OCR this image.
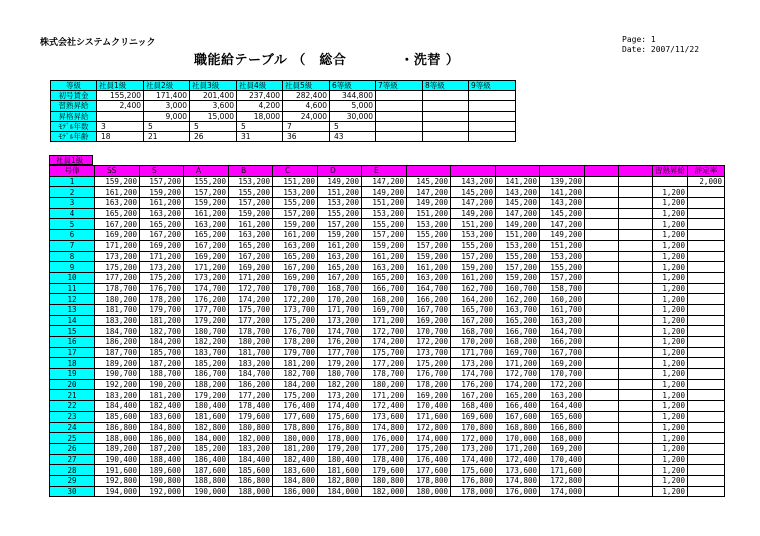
株式会社システムクリニック	Page: 1
Date: 2007/11/22
職能給テーブル （　総合　　　　・洗替 ）
等級	社員1級	社員2級	社員3級	社員4級	社員5級	6等級	7等級	8等級	9等級
初号賃金	155,200	171,400	201,400	237,400	282,400	344,800			
習熟昇給	2,400	3,000	3,600	4,200	4,600	5,000			
昇格昇給		9,000	15,000	18,000	24,000	30,000			
ﾓﾃﾞﾙ年数	3	5	5	5	7	5			
ﾓﾃﾞﾙ年齢	18	21	26	31	36	43			
社員1級
号俸	SS	S	A	B	C	D	E							習熟昇給	評定率
1	159,200	157,200	155,200	153,200	151,200	149,200	147,200	145,200	143,200	141,200	139,200				2,000
2	161,200	159,200	157,200	155,200	153,200	151,200	149,200	147,200	145,200	143,200	141,200			1,200	
3	163,200	161,200	159,200	157,200	155,200	153,200	151,200	149,200	147,200	145,200	143,200			1,200	
4	165,200	163,200	161,200	159,200	157,200	155,200	153,200	151,200	149,200	147,200	145,200			1,200	
5	167,200	165,200	163,200	161,200	159,200	157,200	155,200	153,200	151,200	149,200	147,200			1,200	
6	169,200	167,200	165,200	163,200	161,200	159,200	157,200	155,200	153,200	151,200	149,200			1,200	
7	171,200	169,200	167,200	165,200	163,200	161,200	159,200	157,200	155,200	153,200	151,200			1,200	
8	173,200	171,200	169,200	167,200	165,200	163,200	161,200	159,200	157,200	155,200	153,200			1,200	
9	175,200	173,200	171,200	169,200	167,200	165,200	163,200	161,200	159,200	157,200	155,200			1,200	
10	177,200	175,200	173,200	171,200	169,200	167,200	165,200	163,200	161,200	159,200	157,200			1,200	
11	178,700	176,700	174,700	172,700	170,700	168,700	166,700	164,700	162,700	160,700	158,700			1,200	
12	180,200	178,200	176,200	174,200	172,200	170,200	168,200	166,200	164,200	162,200	160,200			1,200	
13	181,700	179,700	177,700	175,700	173,700	171,700	169,700	167,700	165,700	163,700	161,700			1,200	
14	183,200	181,200	179,200	177,200	175,200	173,200	171,200	169,200	167,200	165,200	163,200			1,200	
15	184,700	182,700	180,700	178,700	176,700	174,700	172,700	170,700	168,700	166,700	164,700			1,200	
16	186,200	184,200	182,200	180,200	178,200	176,200	174,200	172,200	170,200	168,200	166,200			1,200	
17	187,700	185,700	183,700	181,700	179,700	177,700	175,700	173,700	171,700	169,700	167,700			1,200	
18	189,200	187,200	185,200	183,200	181,200	179,200	177,200	175,200	173,200	171,200	169,200			1,200	
19	190,700	188,700	186,700	184,700	182,700	180,700	178,700	176,700	174,700	172,700	170,700			1,200	
20	192,200	190,200	188,200	186,200	184,200	182,200	180,200	178,200	176,200	174,200	172,200			1,200	
21	183,200	181,200	179,200	177,200	175,200	173,200	171,200	169,200	167,200	165,200	163,200			1,200	
22	184,400	182,400	180,400	178,400	176,400	174,400	172,400	170,400	168,400	166,400	164,400			1,200	
23	185,600	183,600	181,600	179,600	177,600	175,600	173,600	171,600	169,600	167,600	165,600			1,200	
24	186,800	184,800	182,800	180,800	178,800	176,800	174,800	172,800	170,800	168,800	166,800			1,200	
25	188,000	186,000	184,000	182,000	180,000	178,000	176,000	174,000	172,000	170,000	168,000			1,200	
26	189,200	187,200	185,200	183,200	181,200	179,200	177,200	175,200	173,200	171,200	169,200			1,200	
27	190,400	188,400	186,400	184,400	182,400	180,400	178,400	176,400	174,400	172,400	170,400			1,200	
28	191,600	189,600	187,600	185,600	183,600	181,600	179,600	177,600	175,600	173,600	171,600			1,200	
29	192,800	190,800	188,800	186,800	184,800	182,800	180,800	178,800	176,800	174,800	172,800			1,200	
30	194,000	192,000	190,000	188,000	186,000	184,000	182,000	180,000	178,000	176,000	174,000			1,200	
